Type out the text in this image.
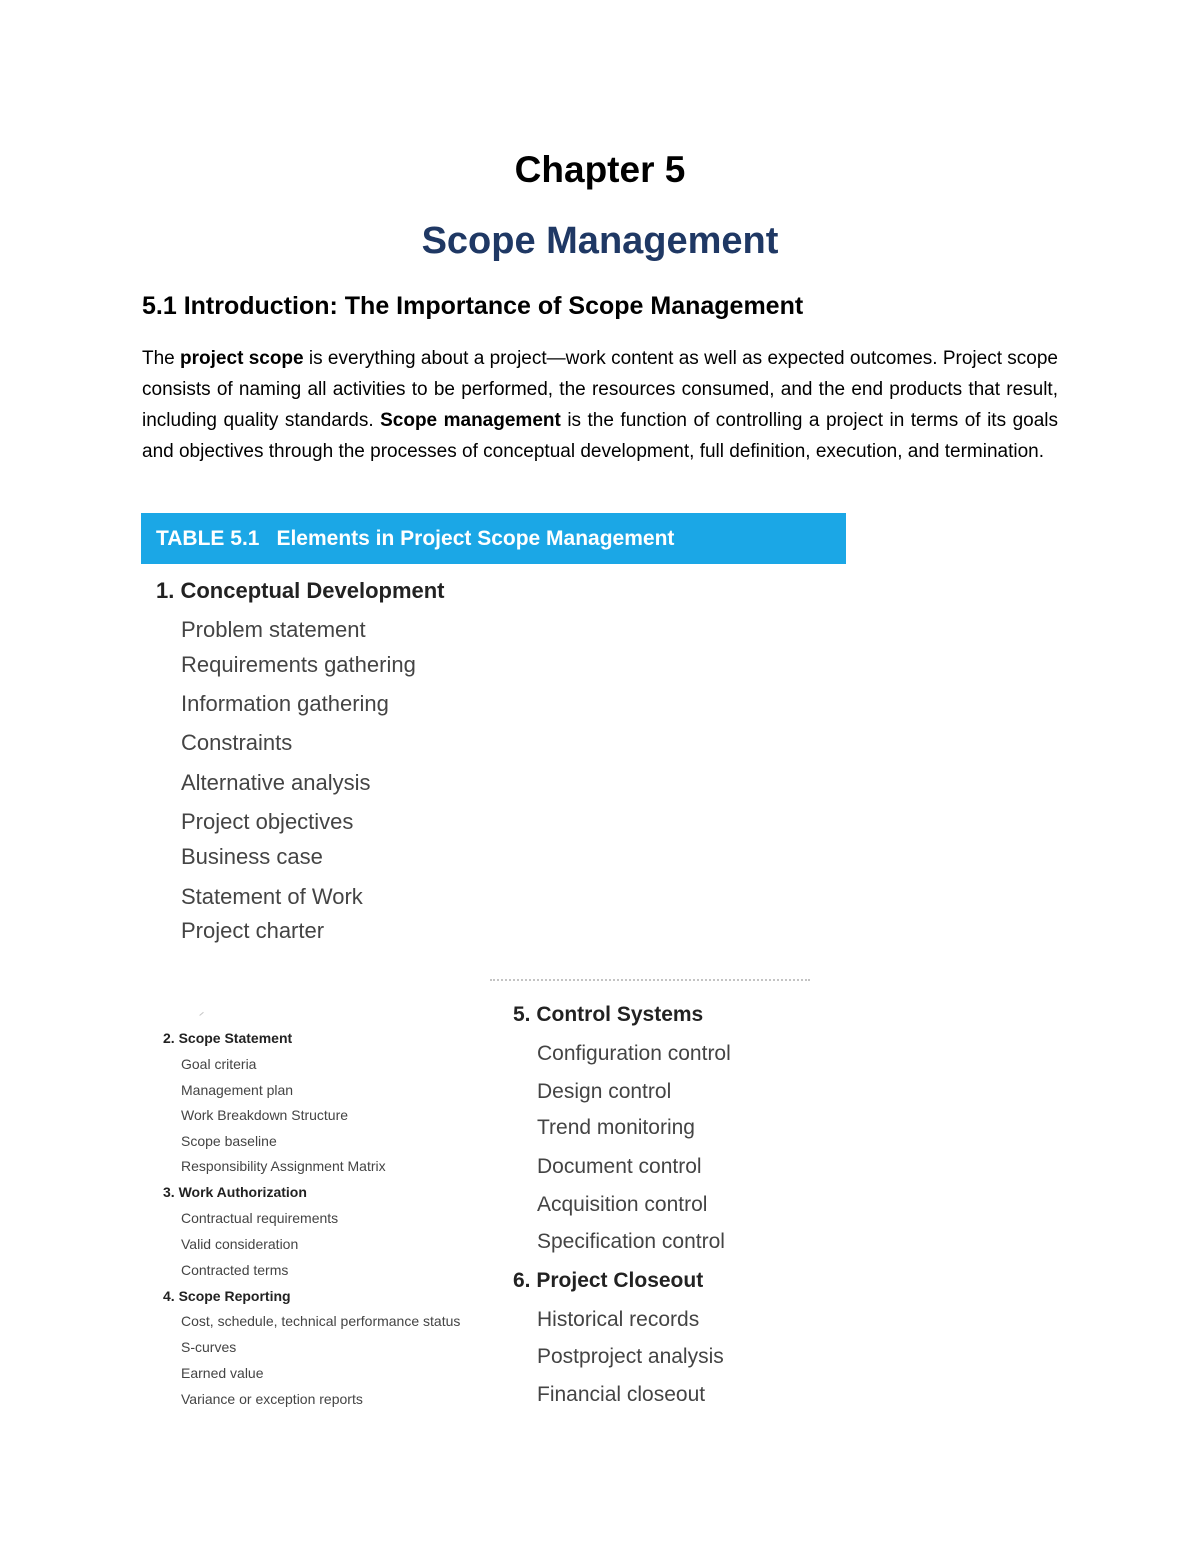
Chapter 5
Scope Management
5.1 Introduction: The Importance of Scope Management

The project scope is everything about a project—work content as well as expected outcomes. Project scope consists of naming all activities to be performed, the resources consumed, and the end products that result, including quality standards. Scope management is the function of controlling a project in terms of its goals and objectives through the processes of conceptual development, full definition, execution, and termination.

TABLE 5.1 Elements in Project Scope Management
1. Conceptual Development
Problem statement
Requirements gathering
Information gathering
Constraints
Alternative analysis
Project objectives
Business case
Statement of Work
Project charter
2. Scope Statement
Goal criteria
Management plan
Work Breakdown Structure
Scope baseline
Responsibility Assignment Matrix
3. Work Authorization
Contractual requirements
Valid consideration
Contracted terms
4. Scope Reporting
Cost, schedule, technical performance status
S-curves
Earned value
Variance or exception reports
5. Control Systems
Configuration control
Design control
Trend monitoring
Document control
Acquisition control
Specification control
6. Project Closeout
Historical records
Postproject analysis
Financial closeout
